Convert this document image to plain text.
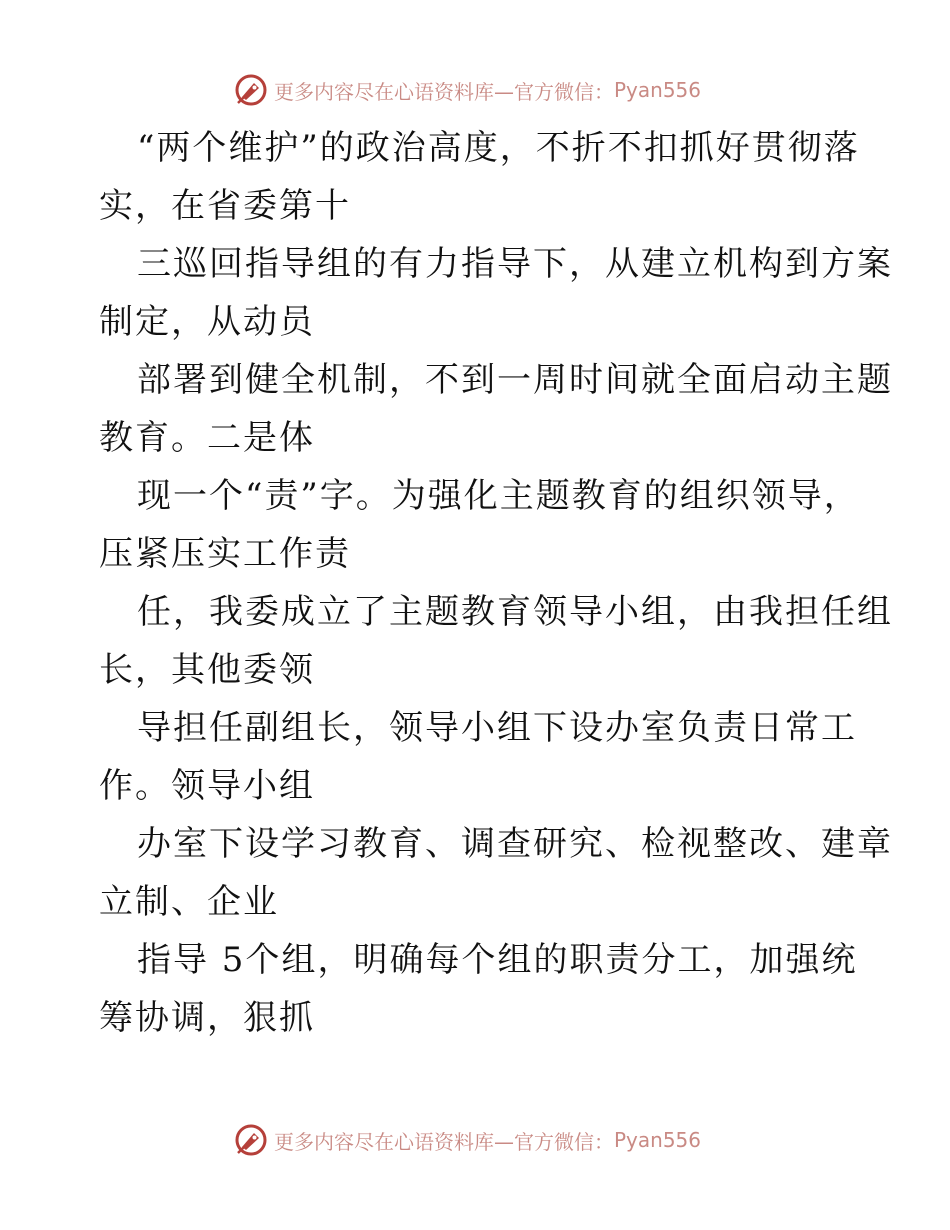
更多内容尽在心语资料库—官方微信： Pyan556
“两个维护”的政治高度，不折不扣抓好贯彻落
实，在省委第十
三巡回指导组的有力指导下，从建立机构到方案
制定，从动员
部署到健全机制，不到一周时间就全面启动主题
教育。二是体
现一个“责”字。为强化主题教育的组织领导，
压紧压实工作责
任，我委成立了主题教育领导小组，由我担任组
长，其他委领
导担任副组长，领导小组下设办室负责日常工
作。领导小组
办室下设学习教育、调查研究、检视整改、建章
立制、企业
指导 5个组，明确每个组的职责分工，加强统
筹协调，狠抓
更多内容尽在心语资料库—官方微信： Pyan556
